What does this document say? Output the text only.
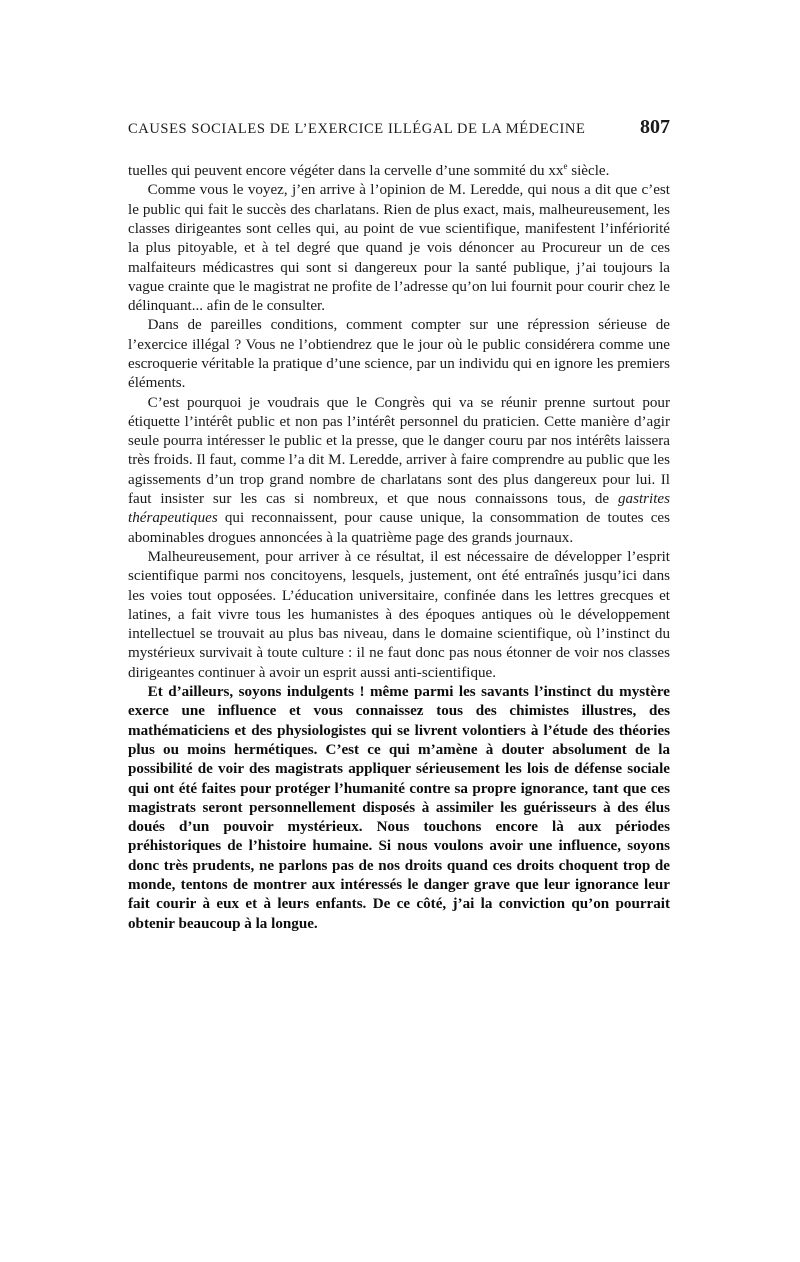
CAUSES SOCIALES DE L’EXERCICE ILLÉGAL DE LA MÉDECINE	807

tuelles qui peuvent encore végéter dans la cervelle d’une sommité du $xx^e$ siècle.

Comme vous le voyez, j’en arrive à l’opinion de M. Leredde, qui nous a dit que c’est le public qui fait le succès des charlatans. Rien de plus exact, mais, malheureusement, les classes dirigeantes sont celles qui, au point de vue scientifique, manifestent l’infériorité la plus pitoyable, et à tel degré que quand je vois dénoncer au Procureur un de ces malfaiteurs médicastres qui sont si dangereux pour la santé publique, j’ai toujours la vague crainte que le magistrat ne profite de l’adresse qu’on lui fournit pour courir chez le délinquant... afin de le consulter.

Dans de pareilles conditions, comment compter sur une répression sérieuse de l’exercice illégal ? Vous ne l’obtiendrez que le jour où le public considérera comme une escroquerie véritable la pratique d’une science, par un individu qui en ignore les premiers éléments.

C’est pourquoi je voudrais que le Congrès qui va se réunir prenne surtout pour étiquette l’intérêt public et non pas l’intérêt personnel du praticien. Cette manière d’agir seule pourra intéresser le public et la presse, que le danger couru par nos intérêts laissera très froids. Il faut, comme l’a dit M. Leredde, arriver à faire comprendre au public que les agissements d’un trop grand nombre de charlatans sont des plus dangereux pour lui. Il faut insister sur les cas si nombreux, et que nous connaissons tous, de gastrites thérapeutiques qui reconnaissent, pour cause unique, la consommation de toutes ces abominables drogues annoncées à la quatrième page des grands journaux.

Malheureusement, pour arriver à ce résultat, il est nécessaire de développer l’esprit scientifique parmi nos concitoyens, lesquels, justement, ont été entraînés jusqu’ici dans les voies tout opposées. L’éducation universitaire, confinée dans les lettres grecques et latines, a fait vivre tous les humanistes à des époques antiques où le développement intellectuel se trouvait au plus bas niveau, dans le domaine scientifique, où l’instinct du mystérieux survivait à toute culture : il ne faut donc pas nous étonner de voir nos classes dirigeantes continuer à avoir un esprit aussi anti-scientifique.

Et d’ailleurs, soyons indulgents ! même parmi les savants l’instinct du mystère exerce une influence et vous connaissez tous des chimistes illustres, des mathématiciens et des physiologistes qui se livrent volontiers à l’étude des théories plus ou moins hermétiques. C’est ce qui m’amène à douter absolument de la possibilité de voir des magistrats appliquer sérieusement les lois de défense sociale qui ont été faites pour protéger l’humanité contre sa propre ignorance, tant que ces magistrats seront personnellement disposés à assimiler les guérisseurs à des élus doués d’un pouvoir mystérieux. Nous touchons encore là aux périodes préhistoriques de l’histoire humaine. Si nous voulons avoir une influence, soyons donc très prudents, ne parlons pas de nos droits quand ces droits choquent trop de monde, tentons de montrer aux intéressés le danger grave que leur ignorance leur fait courir à eux et à leurs enfants. De ce côté, j’ai la conviction qu’on pourrait obtenir beaucoup à la longue.
